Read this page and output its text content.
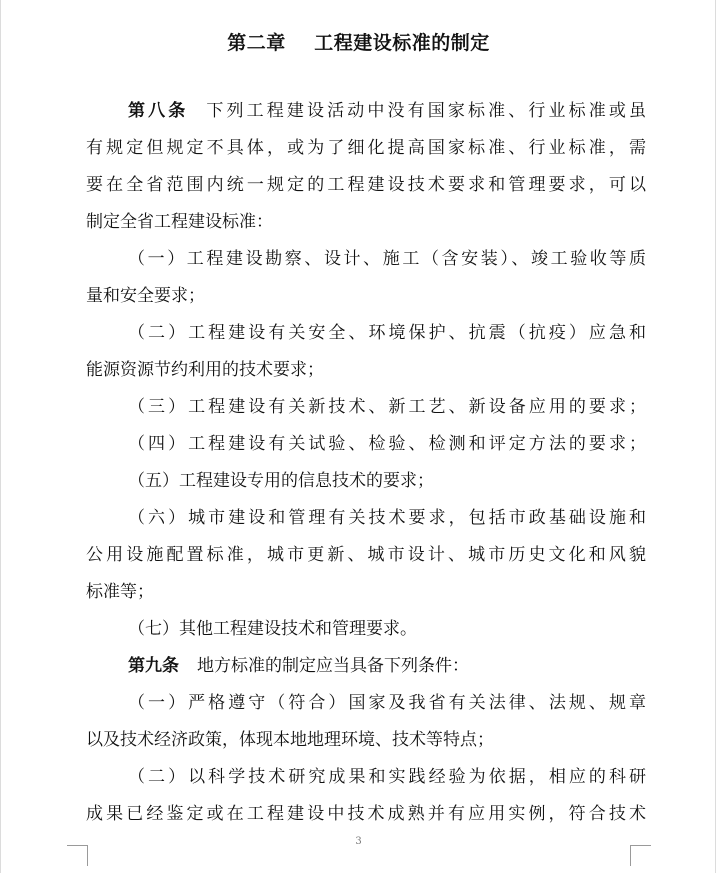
第二章    工程建设标准的制定
第八条 下列工程建设活动中没有国家标准、行业标准或虽
有规定但规定不具体，或为了细化提高国家标准、行业标准，需
要在全省范围内统一规定的工程建设技术要求和管理要求，可以
制定全省工程建设标准：
（一）工程建设勘察、设计、施工（含安装）、竣工验收等质
量和安全要求；
（二）工程建设有关安全、环境保护、抗震（抗疫）应急和
能源资源节约利用的技术要求；
（三）工程建设有关新技术、新工艺、新设备应用的要求；
（四）工程建设有关试验、检验、检测和评定方法的要求；
（五）工程建设专用的信息技术的要求；
（六）城市建设和管理有关技术要求，包括市政基础设施和
公用设施配置标准，城市更新、城市设计、城市历史文化和风貌
标准等；
（七）其他工程建设技术和管理要求。
第九条 地方标准的制定应当具备下列条件：
（一）严格遵守（符合）国家及我省有关法律、法规、规章
以及技术经济政策，体现本地地理环境、技术等特点；
（二）以科学技术研究成果和实践经验为依据，相应的科研
成果已经鉴定或在工程建设中技术成熟并有应用实例，符合技术
3
